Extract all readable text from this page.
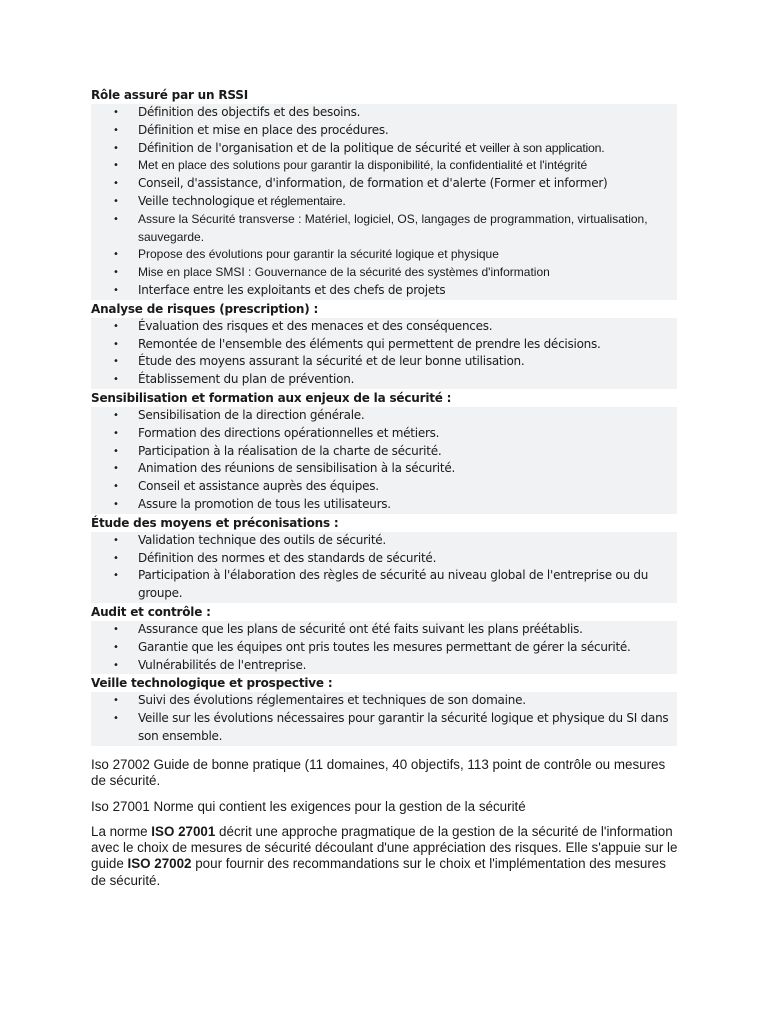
Rôle assuré par un RSSI
• Définition des objectifs et des besoins.
• Définition et mise en place des procédures.
• Définition de l'organisation et de la politique de sécurité et veiller à son application.
• Met en place des solutions pour garantir la disponibilité, la confidentialité et l'intégrité
• Conseil, d'assistance, d'information, de formation et d'alerte (Former et informer)
• Veille technologique et réglementaire.
• Assure la Sécurité transverse : Matériel, logiciel, OS, langages de programmation, virtualisation, sauvegarde.
• Propose des évolutions pour garantir la sécurité logique et physique
• Mise en place SMSI : Gouvernance de la sécurité des systèmes d'information
• Interface entre les exploitants et des chefs de projets
Analyse de risques (prescription) :
• Évaluation des risques et des menaces et des conséquences.
• Remontée de l'ensemble des éléments qui permettent de prendre les décisions.
• Étude des moyens assurant la sécurité et de leur bonne utilisation.
• Établissement du plan de prévention.
Sensibilisation et formation aux enjeux de la sécurité :
• Sensibilisation de la direction générale.
• Formation des directions opérationnelles et métiers.
• Participation à la réalisation de la charte de sécurité.
• Animation des réunions de sensibilisation à la sécurité.
• Conseil et assistance auprès des équipes.
• Assure la promotion de tous les utilisateurs.
Étude des moyens et préconisations :
• Validation technique des outils de sécurité.
• Définition des normes et des standards de sécurité.
• Participation à l'élaboration des règles de sécurité au niveau global de l'entreprise ou du groupe.
Audit et contrôle :
• Assurance que les plans de sécurité ont été faits suivant les plans préétablis.
• Garantie que les équipes ont pris toutes les mesures permettant de gérer la sécurité.
• Vulnérabilités de l'entreprise.
Veille technologique et prospective :
• Suivi des évolutions réglementaires et techniques de son domaine.
• Veille sur les évolutions nécessaires pour garantir la sécurité logique et physique du SI dans son ensemble.

Iso 27002 Guide de bonne pratique (11 domaines, 40 objectifs, 113 point de contrôle ou mesures de sécurité.

Iso 27001 Norme qui contient les exigences pour la gestion de la sécurité

La norme ISO 27001 décrit une approche pragmatique de la gestion de la sécurité de l'information avec le choix de mesures de sécurité découlant d'une appréciation des risques. Elle s'appuie sur le guide ISO 27002 pour fournir des recommandations sur le choix et l'implémentation des mesures de sécurité.
